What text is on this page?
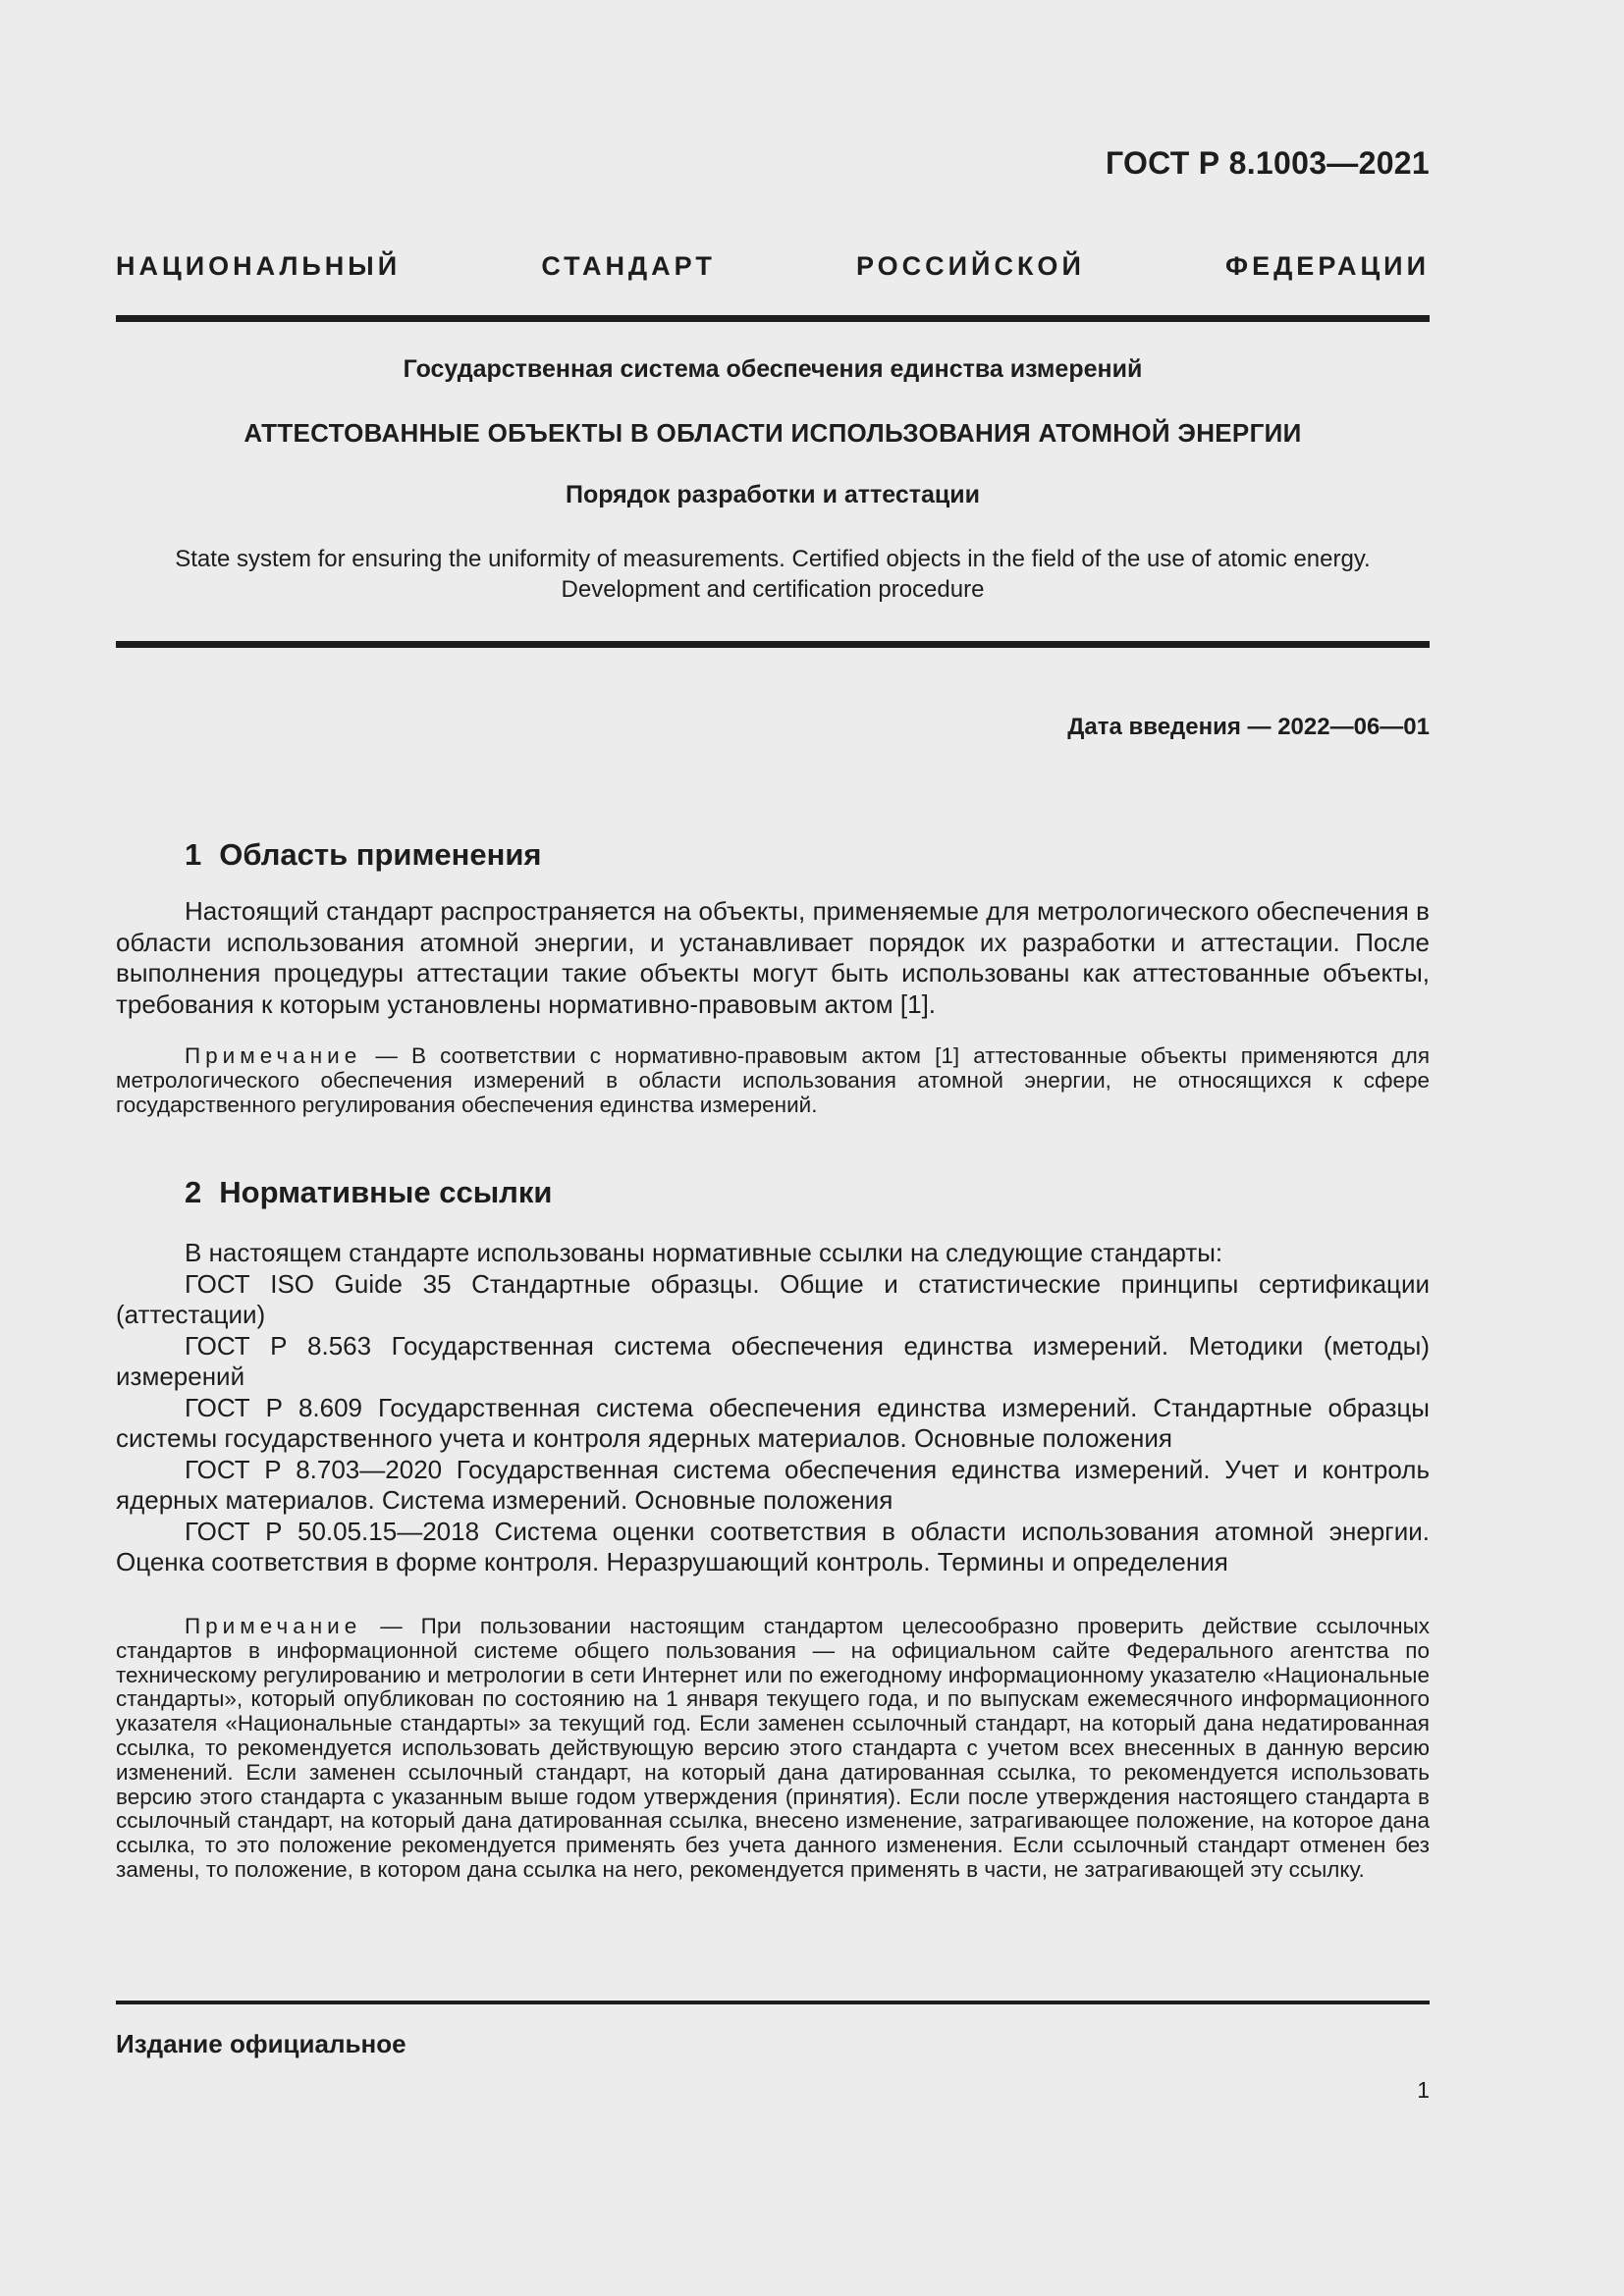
ГОСТ Р 8.1003—2021
НАЦИОНАЛЬНЫЙ СТАНДАРТ РОССИЙСКОЙ ФЕДЕРАЦИИ
Государственная система обеспечения единства измерений
АТТЕСТОВАННЫЕ ОБЪЕКТЫ В ОБЛАСТИ ИСПОЛЬЗОВАНИЯ АТОМНОЙ ЭНЕРГИИ
Порядок разработки и аттестации
State system for ensuring the uniformity of measurements. Certified objects in the field of the use of atomic energy.
Development and certification procedure
Дата введения — 2022—06—01
1 Область применения

Настоящий стандарт распространяется на объекты, применяемые для метрологического обеспечения в области использования атомной энергии, и устанавливает порядок их разработки и аттестации. После выполнения процедуры аттестации такие объекты могут быть использованы как аттестованные объекты, требования к которым установлены нормативно-правовым актом [1].

Примечание — В соответствии с нормативно-правовым актом [1] аттестованные объекты применяются для метрологического обеспечения измерений в области использования атомной энергии, не относящихся к сфере государственного регулирования обеспечения единства измерений.

2 Нормативные ссылки

В настоящем стандарте использованы нормативные ссылки на следующие стандарты:

ГОСТ ISO Guide 35 Стандартные образцы. Общие и статистические принципы сертификации (аттестации)

ГОСТ Р 8.563 Государственная система обеспечения единства измерений. Методики (методы) измерений

ГОСТ Р 8.609 Государственная система обеспечения единства измерений. Стандартные образцы системы государственного учета и контроля ядерных материалов. Основные положения

ГОСТ Р 8.703—2020 Государственная система обеспечения единства измерений. Учет и контроль ядерных материалов. Система измерений. Основные положения

ГОСТ Р 50.05.15—2018 Система оценки соответствия в области использования атомной энергии. Оценка соответствия в форме контроля. Неразрушающий контроль. Термины и определения

Примечание — При пользовании настоящим стандартом целесообразно проверить действие ссылочных стандартов в информационной системе общего пользования — на официальном сайте Федерального агентства по техническому регулированию и метрологии в сети Интернет или по ежегодному информационному указателю «Национальные стандарты», который опубликован по состоянию на 1 января текущего года, и по выпускам ежемесячного информационного указателя «Национальные стандарты» за текущий год. Если заменен ссылочный стандарт, на который дана недатированная ссылка, то рекомендуется использовать действующую версию этого стандарта с учетом всех внесенных в данную версию изменений. Если заменен ссылочный стандарт, на который дана датированная ссылка, то рекомендуется использовать версию этого стандарта с указанным выше годом утверждения (принятия). Если после утверждения настоящего стандарта в ссылочный стандарт, на который дана датированная ссылка, внесено изменение, затрагивающее положение, на которое дана ссылка, то это положение рекомендуется применять без учета данного изменения. Если ссылочный стандарт отменен без замены, то положение, в котором дана ссылка на него, рекомендуется применять в части, не затрагивающей эту ссылку.

Издание официальное
1
